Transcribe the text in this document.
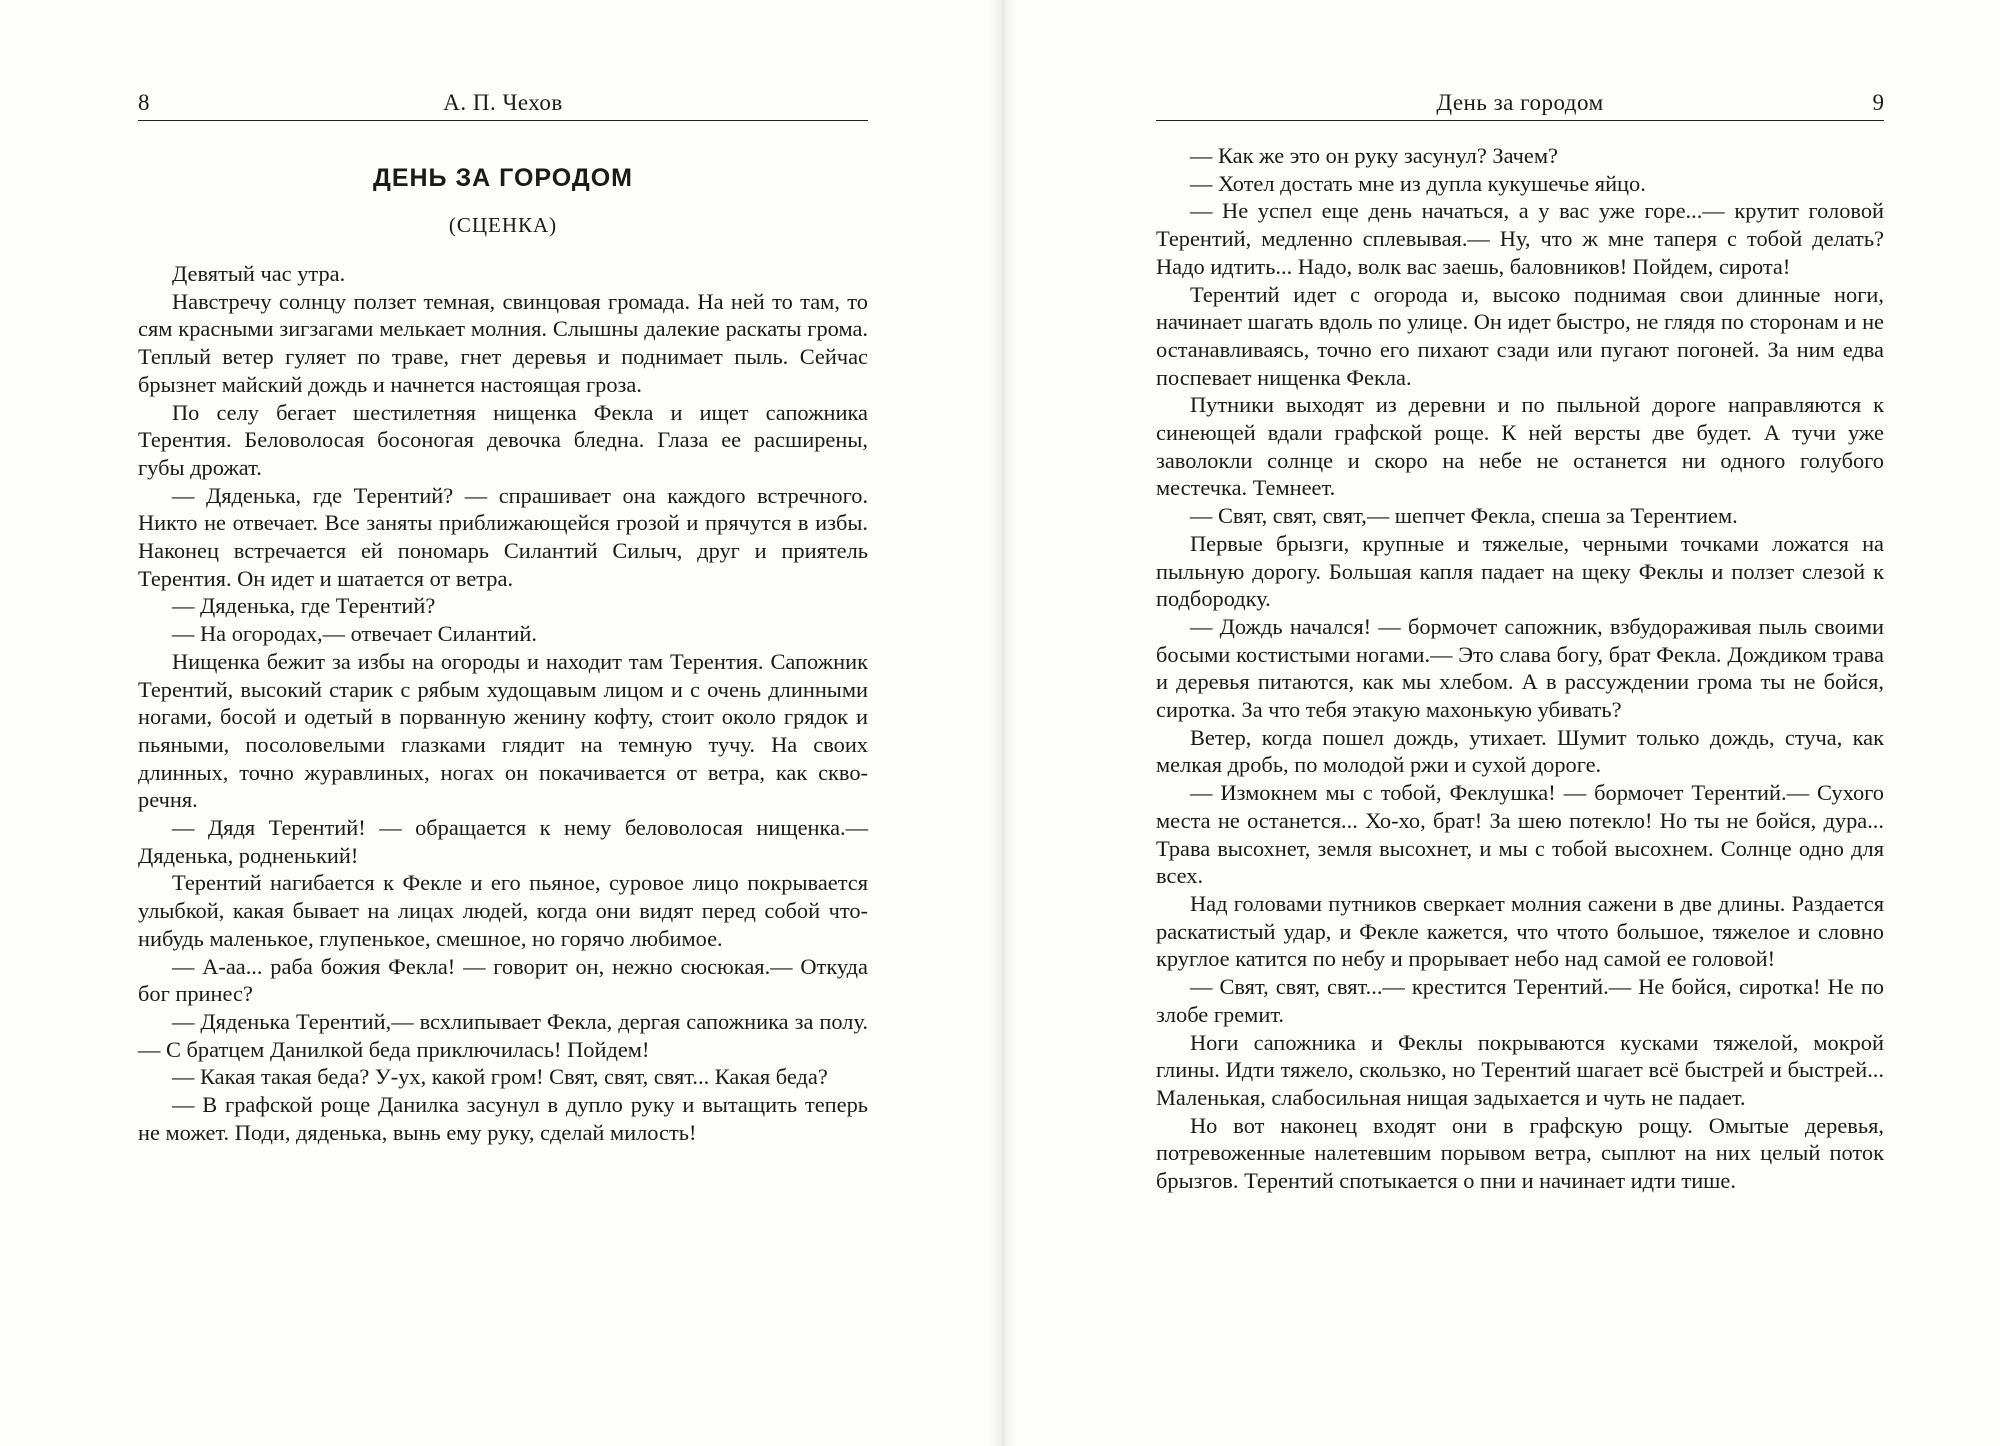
8	А. П. Чехов
ДЕНЬ ЗА ГОРОДОМ
(СЦЕНКА)

Девятый час утра.

Навстречу солнцу ползет темная, свинцовая громада. На ней то там, то сям красными зигзагами мелькает молния. Слышны далекие раскаты грома. Теплый ветер гуляет по траве, гнет деревья и поднимает пыль. Сейчас брызнет майский дождь и начнется настоящая гроза.

По селу бегает шестилетняя нищенка Фекла и ищет сапожника Терентия. Беловолосая босоногая девочка бледна. Глаза ее расширены, губы дрожат.

— Дяденька, где Терентий? — спрашивает она каждого встречного. Никто не отвечает. Все заняты приближающейся грозой и прячутся в избы. Наконец встречается ей пономарь Силантий Силыч, друг и приятель Терентия. Он идет и шатается от ветра.

— Дяденька, где Терентий?

— На огородах,— отвечает Силантий.

Нищенка бежит за избы на огороды и находит там Терентия. Сапожник Терентий, высокий старик с рябым худощавым лицом и с очень длинными ногами, босой и одетый в порванную женину кофту, стоит около грядок и пьяными, посоловелыми глазками глядит на темную тучу. На своих длинных, точно журавлиных, ногах он покачивается от ветра, как скворечня.

— Дядя Терентий! — обращается к нему беловолосая нищенка.— Дяденька, родненький!

Терентий нагибается к Фекле и его пьяное, суровое лицо покрывается улыбкой, какая бывает на лицах людей, когда они видят перед собой что-нибудь маленькое, глупенькое, смешное, но горячо любимое.

— А-аа... раба божия Фекла! — говорит он, нежно сюсюкая.— Откуда бог принес?

— Дяденька Терентий,— всхлипывает Фекла, дергая сапожника за полу.— С братцем Данилкой беда приключилась! Пойдем!

— Какая такая беда? У-ух, какой гром! Свят, свят, свят... Какая беда?

— В графской роще Данилка засунул в дупло руку и вытащить теперь не может. Поди, дяденька, вынь ему руку, сделай милость!

День за городом	9

— Как же это он руку засунул? Зачем?

— Хотел достать мне из дупла кукушечье яйцо.

— Не успел еще день начаться, а у вас уже горе...— крутит головой Терентий, медленно сплевывая.— Ну, что ж мне таперя с тобой делать? Надо идтить... Надо, волк вас заешь, баловников! Пойдем, сирота!

Терентий идет с огорода и, высоко поднимая свои длинные ноги, начинает шагать вдоль по улице. Он идет быстро, не глядя по сторонам и не останавливаясь, точно его пихают сзади или пугают погоней. За ним едва поспевает нищенка Фекла.

Путники выходят из деревни и по пыльной дороге направляются к синеющей вдали графской роще. К ней версты две будет. А тучи уже заволокли солнце и скоро на небе не останется ни одного голубого местечка. Темнеет.

— Свят, свят, свят,— шепчет Фекла, спеша за Терентием.

Первые брызги, крупные и тяжелые, черными точками ложатся на пыльную дорогу. Большая капля падает на щеку Феклы и ползет слезой к подбородку.

— Дождь начался! — бормочет сапожник, взбудораживая пыль своими босыми костистыми ногами.— Это слава богу, брат Фекла. Дождиком трава и деревья питаются, как мы хлебом. А в рассуждении грома ты не бойся, сиротка. За что тебя этакую махонькую убивать?

Ветер, когда пошел дождь, утихает. Шумит только дождь, стуча, как мелкая дробь, по молодой ржи и сухой дороге.

— Измокнем мы с тобой, Феклушка! — бормочет Терентий.— Сухого места не останется... Хо-хо, брат! За шею потекло! Но ты не бойся, дура... Трава высохнет, земля высохнет, и мы с тобой высохнем. Солнце одно для всех.

Над головами путников сверкает молния сажени в две длины. Раздается раскатистый удар, и Фекле кажется, что чтото большое, тяжелое и словно круглое катится по небу и прорывает небо над самой ее головой!

— Свят, свят, свят...— крестится Терентий.— Не бойся, сиротка! Не по злобе гремит.

Ноги сапожника и Феклы покрываются кусками тяжелой, мокрой глины. Идти тяжело, скользко, но Терентий шагает всё быстрей и быстрей... Маленькая, слабосильная нищая задыхается и чуть не падает.

Но вот наконец входят они в графскую рощу. Омытые деревья, потревоженные налетевшим порывом ветра, сыплют на них целый поток брызгов. Терентий спотыкается о пни и начинает идти тише.
